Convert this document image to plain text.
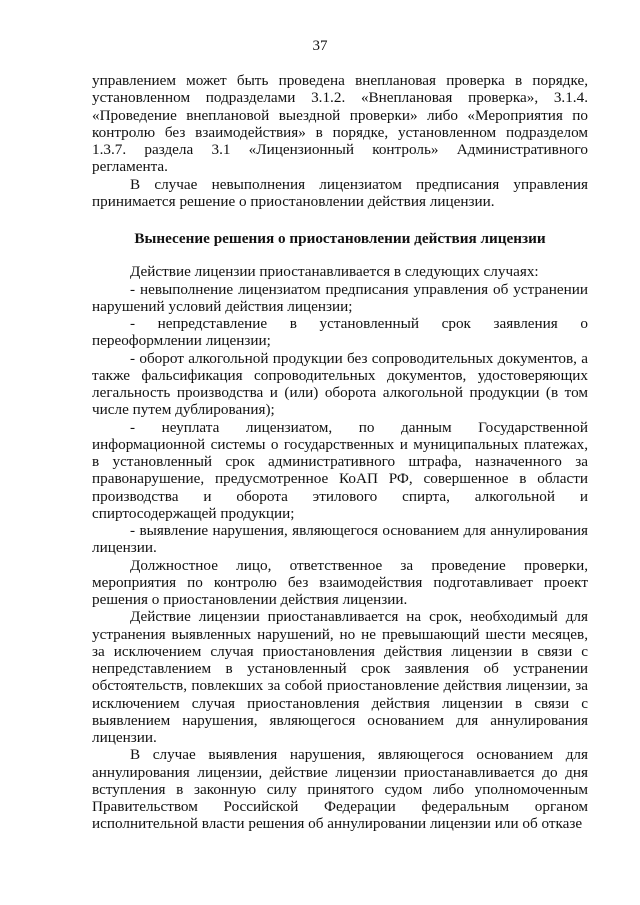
37

управлением может быть проведена внеплановая проверка в порядке, установленном подразделами 3.1.2. «Внеплановая проверка», 3.1.4. «Проведение внеплановой выездной проверки» либо «Мероприятия по контролю без взаимодействия» в порядке, установленном подразделом 1.3.7. раздела 3.1 «Лицензионный контроль» Административного регламента.

В случае невыполнения лицензиатом предписания управления принимается решение о приостановлении действия лицензии.

Вынесение решения о приостановлении действия лицензии

Действие лицензии приостанавливается в следующих случаях:

- невыполнение лицензиатом предписания управления об устранении нарушений условий действия лицензии;

- непредставление в установленный срок заявления о переоформлении лицензии;

- оборот алкогольной продукции без сопроводительных документов, а также фальсификация сопроводительных документов, удостоверяющих легальность производства и (или) оборота алкогольной продукции (в том числе путем дублирования);

- неуплата лицензиатом, по данным Государственной информационной системы о государственных и муниципальных платежах, в установленный срок административного штрафа, назначенного за правонарушение, предусмотренное КоАП РФ, совершенное в области производства и оборота этилового спирта, алкогольной и спиртосодержащей продукции;

- выявление нарушения, являющегося основанием для аннулирования лицензии.

Должностное лицо, ответственное за проведение проверки, мероприятия по контролю без взаимодействия подготавливает проект решения о приостановлении действия лицензии.

Действие лицензии приостанавливается на срок, необходимый для устранения выявленных нарушений, но не превышающий шести месяцев, за исключением случая приостановления действия лицензии в связи с непредставлением в установленный срок заявления об устранении обстоятельств, повлекших за собой приостановление действия лицензии, за исключением случая приостановления действия лицензии в связи с выявлением нарушения, являющегося основанием для аннулирования лицензии.

В случае выявления нарушения, являющегося основанием для аннулирования лицензии, действие лицензии приостанавливается до дня вступления в законную силу принятого судом либо уполномоченным Правительством Российской Федерации федеральным органом исполнительной власти решения об аннулировании лицензии или об отказе
